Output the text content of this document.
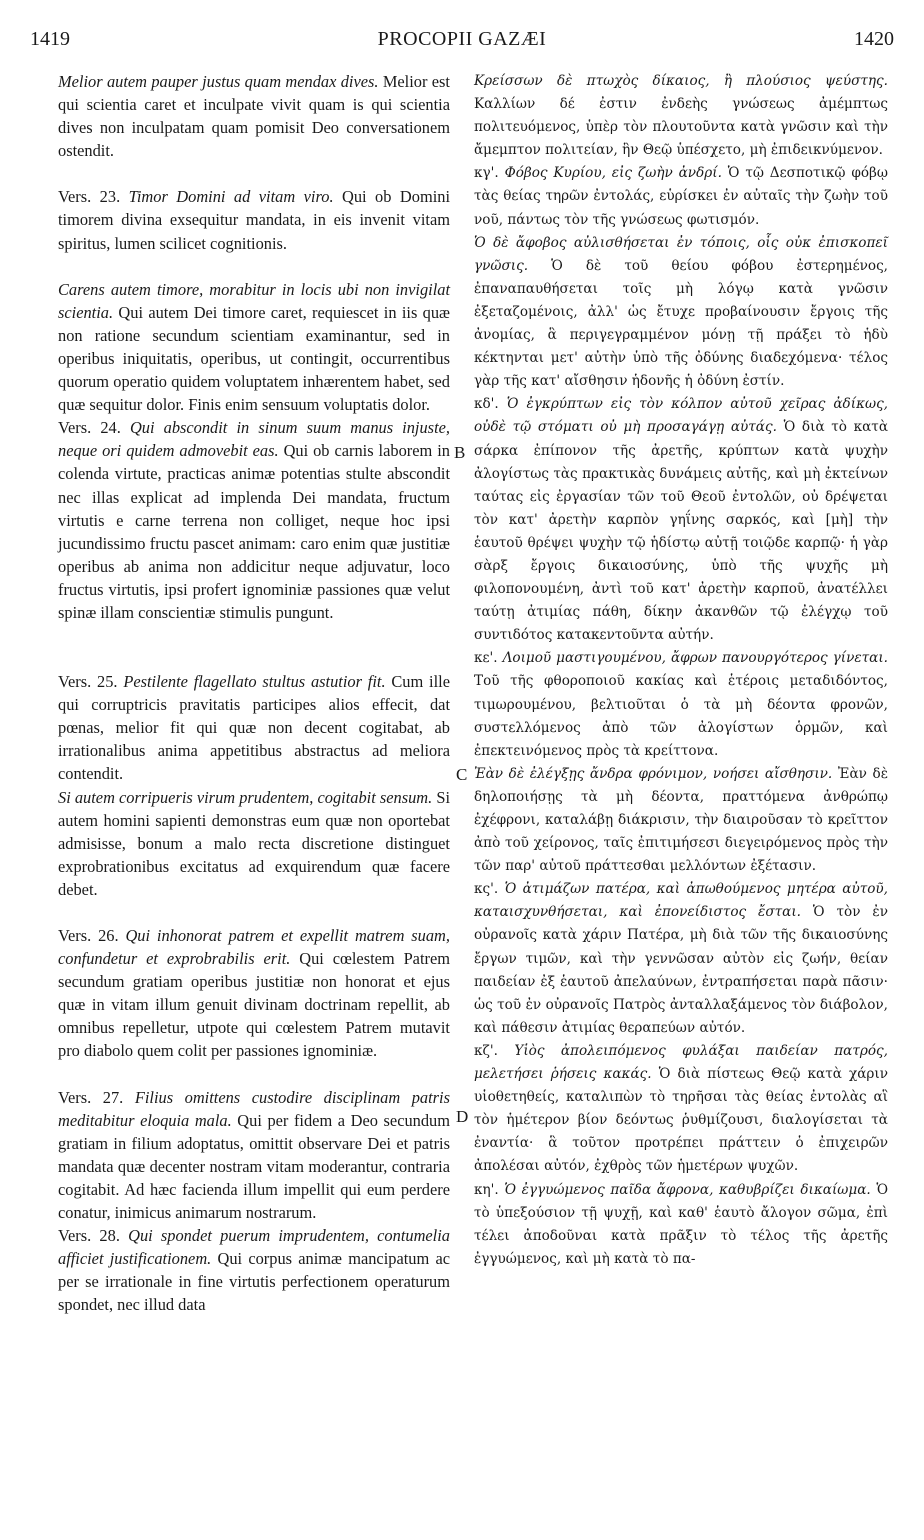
1419	PROCOPII GAZÆI	1420
B
C
D

Melior autem pauper justus quam mendax dives. Melior est qui scientia caret et inculpate vivit quam is qui scientia dives non inculpatam quam pomisit Deo conversationem ostendit.

Vers. 23. Timor Domini ad vitam viro. Qui ob Domini timorem divina exsequitur mandata, in eis invenit vitam spiritus, lumen scilicet cognitionis.

Carens autem timore, morabitur in locis ubi non invigilat scientia. Qui autem Dei timore caret, requiescet in iis quæ non ratione secundum scientiam examinantur, sed in operibus iniquitatis, operibus, ut contingit, occurrentibus quorum operatio quidem voluptatem inhærentem habet, sed quæ sequitur dolor. Finis enim sensuum voluptatis dolor.

Vers. 24. Qui abscondit in sinum suum manus injuste, neque ori quidem admovebit eas. Qui ob carnis laborem in colenda virtute, practicas animæ potentias stulte abscondit nec illas explicat ad implenda Dei mandata, fructum virtutis e carne terrena non colliget, neque hoc ipsi jucundissimo fructu pascet animam: caro enim quæ justitiæ operibus ab anima non addicitur neque adjuvatur, loco fructus virtutis, ipsi profert ignominiæ passiones quæ velut spinæ illam conscientiæ stimulis pungunt.

Vers. 25. Pestilente flagellato stultus astutior fit. Cum ille qui corruptricis pravitatis participes alios effecit, dat pœnas, melior fit qui quæ non decent cogitabat, ab irrationalibus anima appetitibus abstractus ad meliora contendit.

Si autem corripueris virum prudentem, cogitabit sensum. Si autem homini sapienti demonstras eum quæ non oportebat admisisse, bonum a malo recta discretione distinguet exprobrationibus excitatus ad exquirendum quæ facere debet.

Vers. 26. Qui inhonorat patrem et expellit matrem suam, confundetur et exprobrabilis erit. Qui cœlestem Patrem secundum gratiam operibus justitiæ non honorat et ejus quæ in vitam illum genuit divinam doctrinam repellit, ab omnibus repelletur, utpote qui cœlestem Patrem mutavit pro diabolo quem colit per passiones ignominiæ.

Vers. 27. Filius omittens custodire disciplinam patris meditabitur eloquia mala. Qui per fidem a Deo secundum gratiam in filium adoptatus, omittit observare Dei et patris mandata quæ decenter nostram vitam moderantur, contraria cogitabit. Ad hæc facienda illum impellit qui eum perdere conatur, inimicus animarum nostrarum.

Vers. 28. Qui spondet puerum imprudentem, contumelia afficiet justificationem. Qui corpus animæ mancipatum ac per se irrationale in fine virtutis perfectionem operaturum spondet, nec illud data

Κρείσσων δὲ πτωχὸς δίκαιος, ἢ πλούσιος ψεύστης. Καλλίων δέ ἐστιν ἐνδεὴς γνώσεως ἀμέμπτως πολιτευόμενος, ὑπὲρ τὸν πλουτοῦντα κατὰ γνῶσιν καὶ τὴν ἄμεμπτον πολιτείαν, ἣν Θεῷ ὑπέσχετο, μὴ ἐπιδεικνύμενον.

κγ'. Φόβος Κυρίου, εἰς ζωὴν ἀνδρί. Ὁ τῷ Δεσποτικῷ φόβῳ τὰς θείας τηρῶν ἐντολάς, εὑρίσκει ἐν αὐταῖς τὴν ζωὴν τοῦ νοῦ, πάντως τὸν τῆς γνώσεως φωτισμόν.

Ὁ δὲ ἄφοβος αὐλισθήσεται ἐν τόποις, οἷς οὐκ ἐπισκοπεῖ γνῶσις. Ὁ δὲ τοῦ θείου φόβου ἐστερημένος, ἐπαναπαυθήσεται τοῖς μὴ λόγῳ κατὰ γνῶσιν ἐξεταζομένοις, ἀλλ' ὡς ἔτυχε προβαίνουσιν ἔργοις τῆς ἀνομίας, ἃ περιγεγραμμένον μόνῃ τῇ πράξει τὸ ἡδὺ κέκτηνται μετ' αὐτὴν ὑπὸ τῆς ὀδύνης διαδεχόμενα· τέλος γὰρ τῆς κατ' αἴσθησιν ἡδονῆς ἡ ὀδύνη ἐστίν.

κδ'. Ὁ ἐγκρύπτων εἰς τὸν κόλπον αὐτοῦ χεῖρας ἀδίκως, οὐδὲ τῷ στόματι οὐ μὴ προσαγάγῃ αὐτάς. Ὁ διὰ τὸ κατὰ σάρκα ἐπίπονον τῆς ἀρετῆς, κρύπτων κατὰ ψυχὴν ἀλογίστως τὰς πρακτικὰς δυνάμεις αὐτῆς, καὶ μὴ ἐκτείνων ταύτας εἰς ἐργασίαν τῶν τοῦ Θεοῦ ἐντολῶν, οὐ δρέψεται τὸν κατ' ἀρετὴν καρπὸν γηΐνης σαρκός, καὶ [μὴ] τὴν ἑαυτοῦ θρέψει ψυχὴν τῷ ἡδίστῳ αὐτῇ τοιῷδε καρπῷ· ἡ γὰρ σὰρξ ἔργοις δικαιοσύνης, ὑπὸ τῆς ψυχῆς μὴ φιλοπονουμένη, ἀντὶ τοῦ κατ' ἀρετὴν καρποῦ, ἀνατέλλει ταύτῃ ἀτιμίας πάθη, δίκην ἀκανθῶν τῷ ἐλέγχῳ τοῦ συντιδότος κατακεντοῦντα αὐτήν.

κε'. Λοιμοῦ μαστιγουμένου, ἄφρων πανουργότερος γίνεται. Τοῦ τῆς φθοροποιοῦ κακίας καὶ ἑτέροις μεταδιδόντος, τιμωρουμένου, βελτιοῦται ὁ τὰ μὴ δέοντα φρονῶν, συστελλόμενος ἀπὸ τῶν ἀλογίστων ὁρμῶν, καὶ ἐπεκτεινόμενος πρὸς τὰ κρείττονα.

Ἐὰν δὲ ἐλέγξῃς ἄνδρα φρόνιμον, νοήσει αἴσθησιν. Ἐὰν δὲ δηλοποιήσῃς τὰ μὴ δέοντα, πραττόμενα ἀνθρώπῳ ἐχέφρονι, καταλάβῃ διάκρισιν, τὴν διαιροῦσαν τὸ κρεῖττον ἀπὸ τοῦ χείρονος, ταῖς ἐπιτιμήσεσι διεγειρόμενος πρὸς τὴν τῶν παρ' αὐτοῦ πράττεσθαι μελλόντων ἐξέτασιν.

κς'. Ὁ ἀτιμάζων πατέρα, καὶ ἀπωθούμενος μητέρα αὐτοῦ, καταισχυνθήσεται, καὶ ἐπονείδιστος ἔσται. Ὁ τὸν ἐν οὐρανοῖς κατὰ χάριν Πατέρα, μὴ διὰ τῶν τῆς δικαιοσύνης ἔργων τιμῶν, καὶ τὴν γεννῶσαν αὐτὸν εἰς ζωήν, θείαν παιδείαν ἐξ ἑαυτοῦ ἀπελαύνων, ἐντραπήσεται παρὰ πᾶσιν· ὡς τοῦ ἐν οὐρανοῖς Πατρὸς ἀνταλλαξάμενος τὸν διάβολον, καὶ πάθεσιν ἀτιμίας θεραπεύων αὐτόν.

κζ'. Υἱὸς ἀπολειπόμενος φυλάξαι παιδείαν πατρός, μελετήσει ῥήσεις κακάς. Ὁ διὰ πίστεως Θεῷ κατὰ χάριν υἱοθετηθείς, καταλιπὼν τὸ τηρῆσαι τὰς θείας ἐντολὰς αἳ τὸν ἡμέτερον βίον δεόντως ῥυθμίζουσι, διαλογίσεται τὰ ἐναντία· ἃ τοῦτον προτρέπει πράττειν ὁ ἐπιχειρῶν ἀπολέσαι αὐτόν, ἐχθρὸς τῶν ἡμετέρων ψυχῶν.

κη'. Ὁ ἐγγυώμενος παῖδα ἄφρονα, καθυβρίζει δικαίωμα. Ὁ τὸ ὑπεξούσιον τῇ ψυχῇ, καὶ καθ' ἑαυτὸ ἄλογον σῶμα, ἐπὶ τέλει ἀποδοῦναι κατὰ πρᾶξιν τὸ τέλος τῆς ἀρετῆς ἐγγυώμενος, καὶ μὴ κατὰ τὸ πα-
